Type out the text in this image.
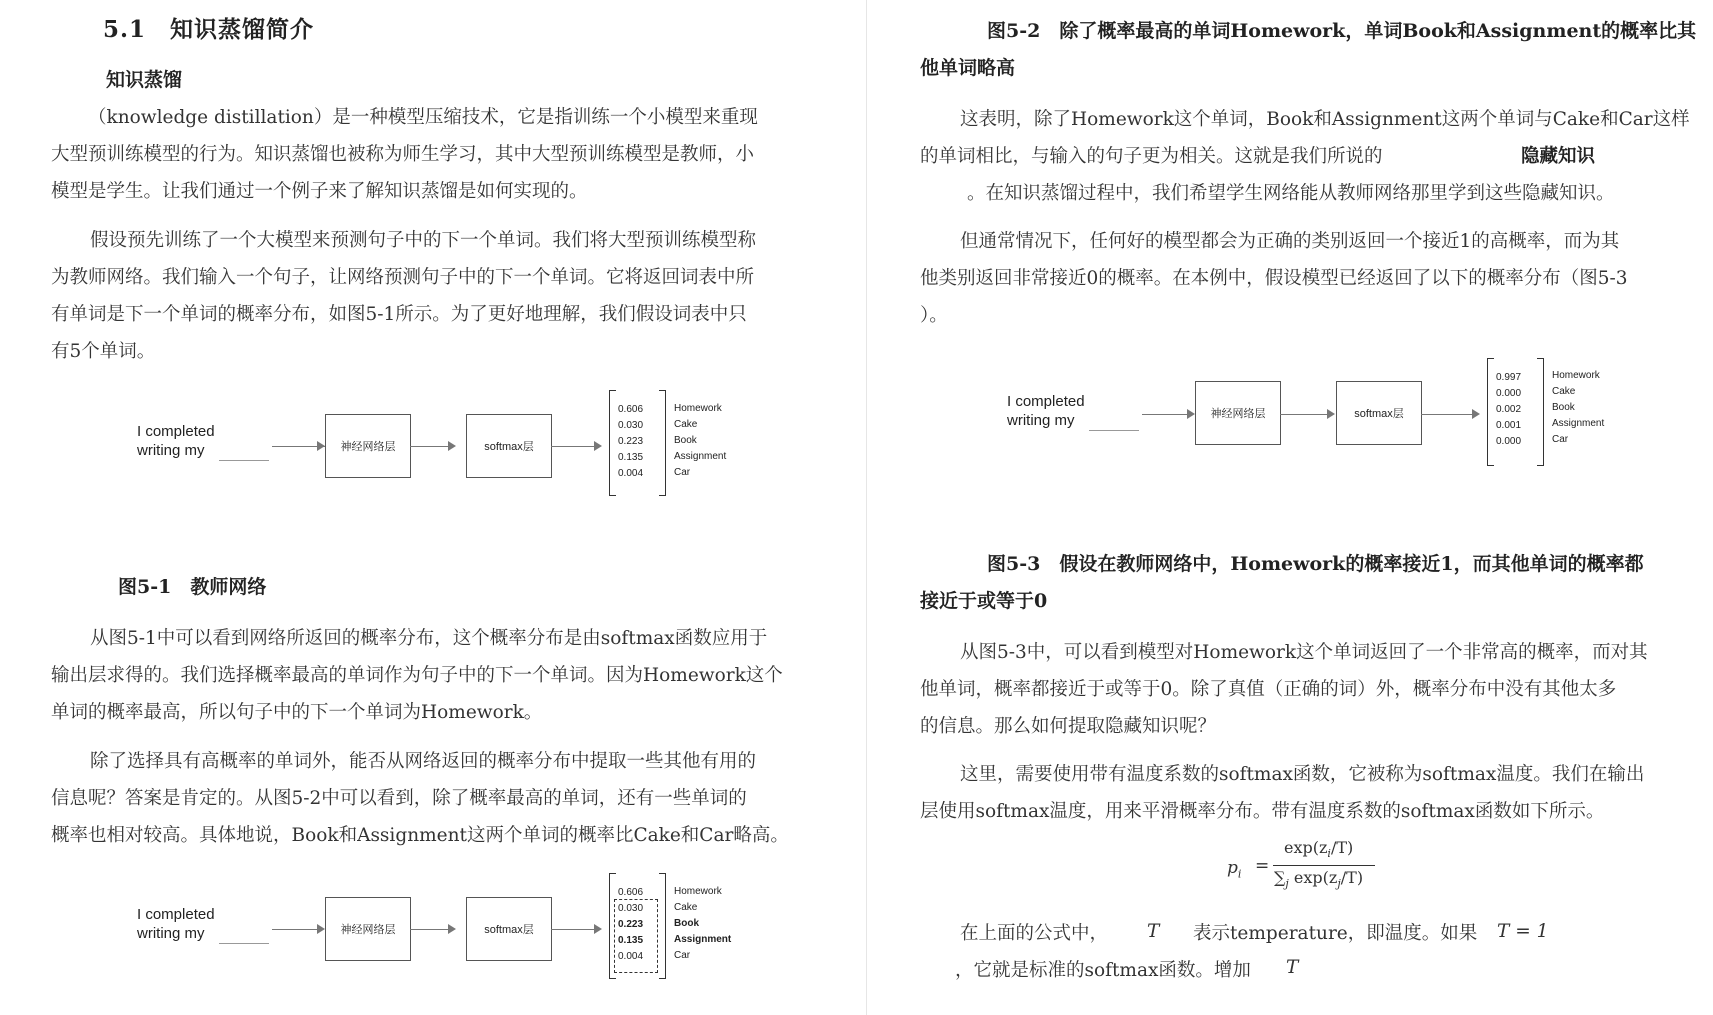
5.1　知识蒸馏简介
知识蒸馏
（knowledge distillation）是一种模型压缩技术，它是指训练一个小模型来重现
大型预训练模型的行为。知识蒸馏也被称为师生学习，其中大型预训练模型是教师，小
模型是学生。让我们通过一个例子来了解知识蒸馏是如何实现的。
假设预先训练了一个大模型来预测句子中的下一个单词。我们将大型预训练模型称
为教师网络。我们输入一个句子，让网络预测句子中的下一个单词。它将返回词表中所
有单词是下一个单词的概率分布，如图5-1所示。为了更好地理解，我们假设词表中只
有5个单词。
I completed
writing my	神经网络层	softmax层
0.606
0.030
0.223
0.135
0.004
Homework
Cake
Book
Assignment
Car
图5-1　教师网络
从图5-1中可以看到网络所返回的概率分布，这个概率分布是由softmax函数应用于
输出层求得的。我们选择概率最高的单词作为句子中的下一个单词。因为Homework这个
单词的概率最高，所以句子中的下一个单词为Homework。
除了选择具有高概率的单词外，能否从网络返回的概率分布中提取一些其他有用的
信息呢？答案是肯定的。从图5-2中可以看到，除了概率最高的单词，还有一些单词的
概率也相对较高。具体地说，Book和Assignment这两个单词的概率比Cake和Car略高。
I completed
writing my	神经网络层	softmax层
0.606
0.030
0.223
0.135
0.004
Homework
Cake
Book
Assignment
Car
图5-2　除了概率最高的单词Homework，单词Book和Assignment的概率比其
他单词略高
这表明，除了Homework这个单词，Book和Assignment这两个单词与Cake和Car这样
的单词相比，与输入的句子更为相关。这就是我们所说的	隐藏知识
。在知识蒸馏过程中，我们希望学生网络能从教师网络那里学到这些隐藏知识。
但通常情况下，任何好的模型都会为正确的类别返回一个接近1的高概率，而为其
他类别返回非常接近0的概率。在本例中，假设模型已经返回了以下的概率分布（图5-3
）。
I completed
writing my	神经网络层	softmax层
0.997
0.000
0.002
0.001
0.000
Homework
Cake
Book
Assignment
Car
图5-3　假设在教师网络中，Homework的概率接近1，而其他单词的概率都
接近于或等于0
从图5-3中，可以看到模型对Homework这个单词返回了一个非常高的概率，而对其
他单词，概率都接近于或等于0。除了真值（正确的词）外，概率分布中没有其他太多
的信息。那么如何提取隐藏知识呢？
这里，需要使用带有温度系数的softmax函数，它被称为softmax温度。我们在输出
层使用softmax温度，用来平滑概率分布。带有温度系数的softmax函数如下所示。
$p_i$ =
$\exp(z_i/T)$
$\sum_j$ $\exp(z_j/T)$
在上面的公式中， T 表示temperature，即温度。如果 T = 1
，它就是标准的softmax函数。增加 T
